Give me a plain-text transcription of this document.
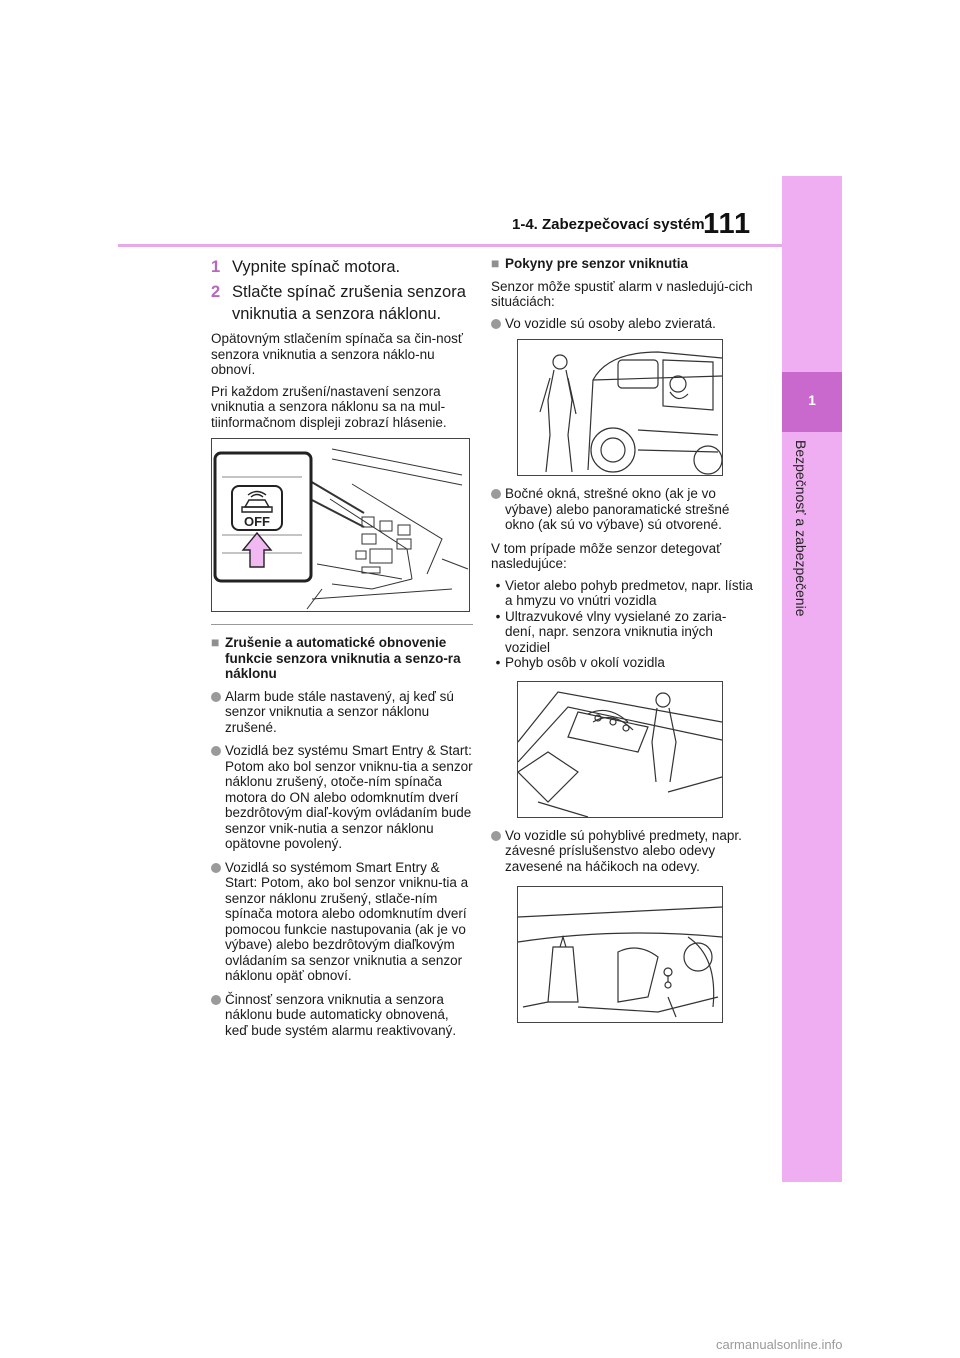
1-4. Zabezpečovací systém
111
1
Bezpečnosť a zabezpečenie
1 Vypnite spínač motora.
2 Stlačte spínač zrušenia senzora vniknutia a senzora náklonu.

Opätovným stlačením spínača sa čin-nosť senzora vniknutia a senzora náklo-nu obnoví.

Pri každom zrušení/nastavení senzora vniknutia a senzora náklonu sa na mul-tiinformačnom displeji zobrazí hlásenie.

OFF
■ Zrušenie a automatické obnovenie funkcie senzora vniknutia a senzo-ra náklonu
Alarm bude stále nastavený, aj keď sú senzor vniknutia a senzor náklonu zrušené.
Vozidlá bez systému Smart Entry & Start: Potom ako bol senzor vniknu-tia a senzor náklonu zrušený, otoče-ním spínača motora do ON alebo odomknutím dverí bezdrôtovým diaľ-kovým ovládaním bude senzor vnik-nutia a senzor náklonu opätovne povolený.
Vozidlá so systémom Smart Entry & Start: Potom, ako bol senzor vniknu-tia a senzor náklonu zrušený, stlače-ním spínača motora alebo odomknutím dverí pomocou funkcie nastupovania (ak je vo výbave) alebo bezdrôtovým diaľkovým ovládaním sa senzor vniknutia a senzor náklonu opäť obnoví.
Činnosť senzora vniknutia a senzora náklonu bude automaticky obnovená, keď bude systém alarmu reaktivovaný.
■ Pokyny pre senzor vniknutia

Senzor môže spustiť alarm v nasledujú-cich situáciách:

Vo vozidle sú osoby alebo zvieratá.
Bočné okná, strešné okno (ak je vo výbave) alebo panoramatické strešné okno (ak sú vo výbave) sú otvorené.

V tom prípade môže senzor detegovať nasledujúce:

• Vietor alebo pohyb predmetov, napr. lístia a hmyzu vo vnútri vozidla
• Ultrazvukové vlny vysielané zo zaria-dení, napr. senzora vniknutia iných vozidiel
• Pohyb osôb v okolí vozidla
Vo vozidle sú pohyblivé predmety, napr. závesné príslušenstvo alebo odevy zavesené na háčikoch na odevy.
carmanualsonline.info
